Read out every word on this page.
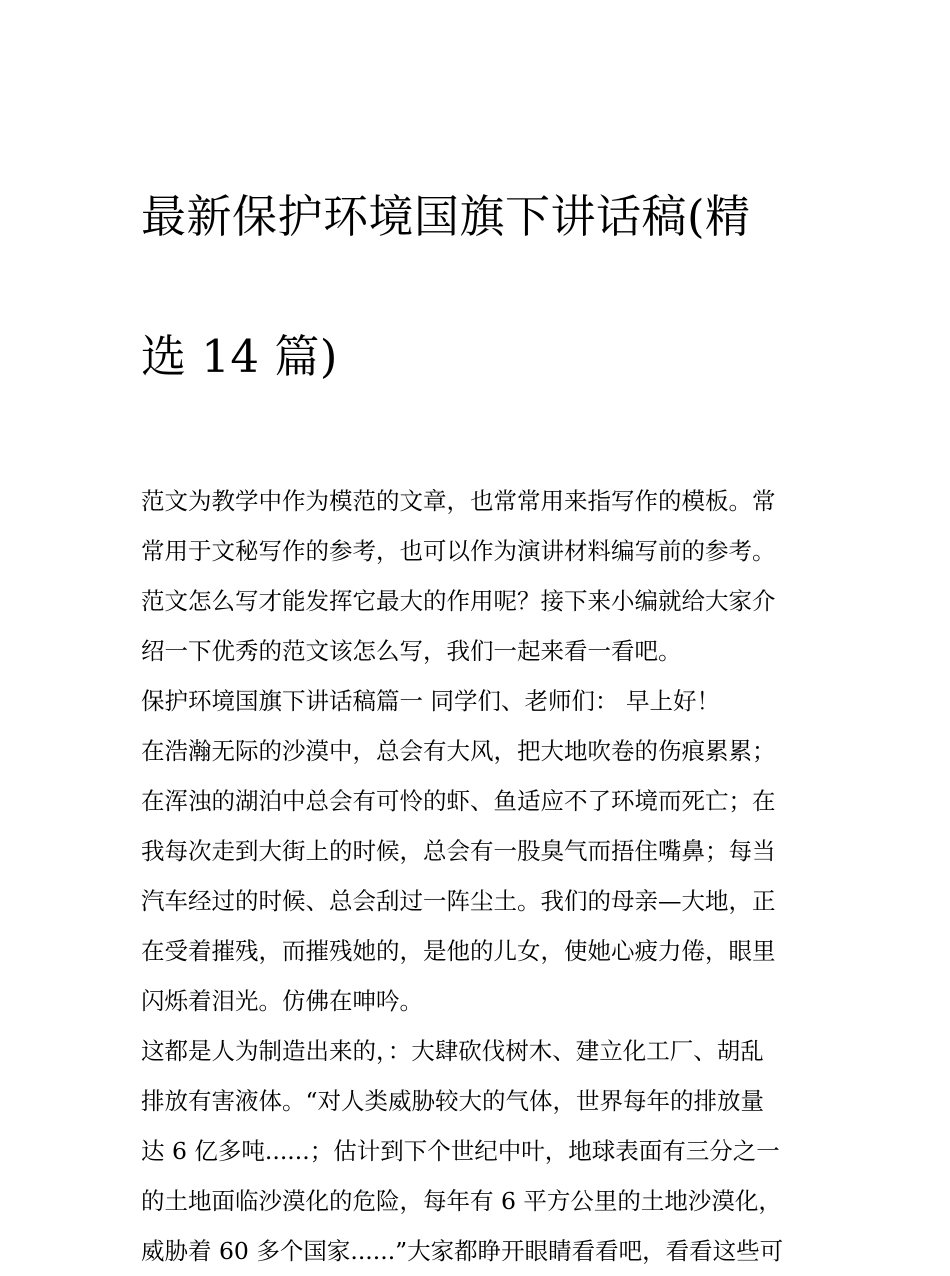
最新保护环境国旗下讲话稿(精

选 14 篇)

范文为教学中作为模范的文章，也常常用来指写作的模板。常
常用于文秘写作的参考，也可以作为演讲材料编写前的参考。
范文怎么写才能发挥它最大的作用呢？接下来小编就给大家介
绍一下优秀的范文该怎么写，我们一起来看一看吧。

保护环境国旗下讲话稿篇一 同学们、老师们： 早上好！

在浩瀚无际的沙漠中，总会有大风，把大地吹卷的伤痕累累；
在浑浊的湖泊中总会有可怜的虾、鱼适应不了环境而死亡；在
我每次走到大街上的时候，总会有一股臭气而捂住嘴鼻；每当
汽车经过的时候、总会刮过一阵尘土。我们的母亲—大地，正
在受着摧残，而摧残她的，是他的儿女，使她心疲力倦，眼里
闪烁着泪光。仿佛在呻吟。

这都是人为制造出来的，：大肆砍伐树木、建立化工厂、胡乱
排放有害液体。“对人类威胁较大的气体，世界每年的排放量
达 6 亿多吨......；估计到下个世纪中叶，地球表面有三分之一
的土地面临沙漠化的危险，每年有 6 平方公里的土地沙漠化，
威胁着 60 多个国家......”大家都睁开眼睛看看吧，看看这些可
